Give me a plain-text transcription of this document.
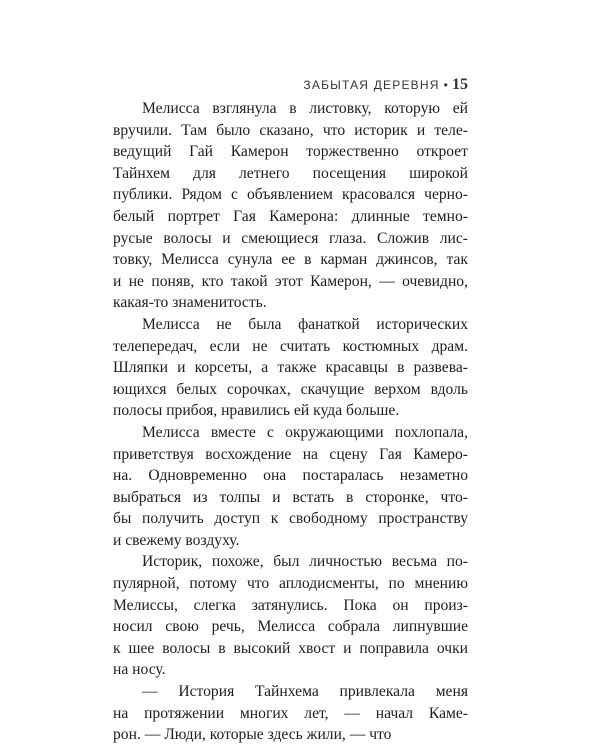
ЗАБЫТАЯ ДЕРЕВНЯ • 15
Мелисса взглянула в листовку, которую ей
вручили. Там было сказано, что историк и теле-
ведущий Гай Камерон торжественно откроет
Тайнхем для летнего посещения широкой
публики. Рядом с объявлением красовался черно-
белый портрет Гая Камерона: длинные темно-
русые волосы и смеющиеся глаза. Сложив лис-
товку, Мелисса сунула ее в карман джинсов, так
и не поняв, кто такой этот Камерон, — очевидно,
какая-то знаменитость.
Мелисса не была фанаткой исторических
телепередач, если не считать костюмных драм.
Шляпки и корсеты, а также красавцы в развева-
ющихся белых сорочках, скачущие верхом вдоль
полосы прибоя, нравились ей куда больше.
Мелисса вместе с окружающими похлопала,
приветствуя восхождение на сцену Гая Камеро-
на. Одновременно она постаралась незаметно
выбраться из толпы и встать в сторонке, что-
бы получить доступ к свободному пространству
и свежему воздуху.
Историк, похоже, был личностью весьма по-
пулярной, потому что аплодисменты, по мнению
Мелиссы, слегка затянулись. Пока он произ-
носил свою речь, Мелисса собрала липнувшие
к шее волосы в высокий хвост и поправила очки
на носу.
— История Тайнхема привлекала меня
на протяжении многих лет, — начал Каме-
рон. — Люди, которые здесь жили, — что
